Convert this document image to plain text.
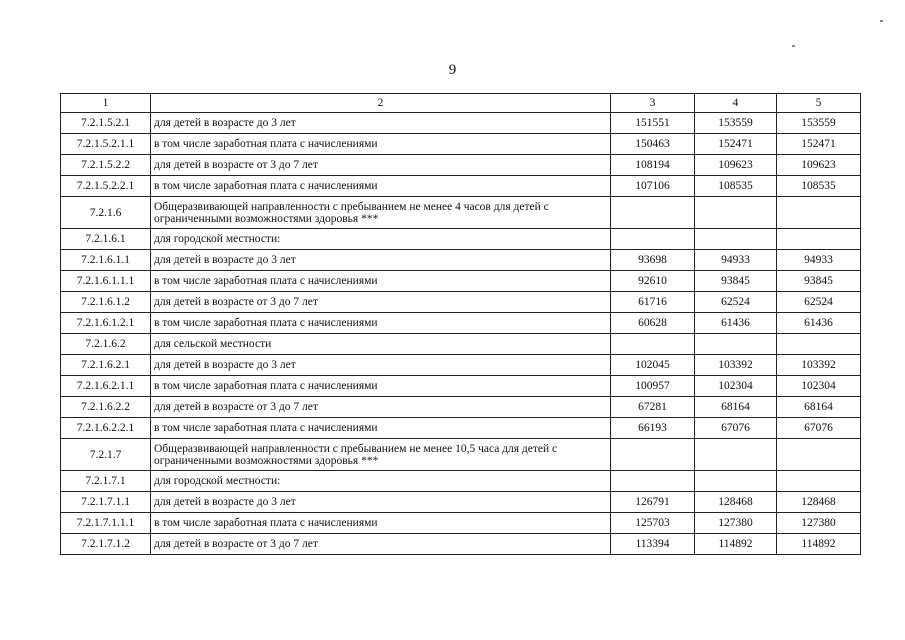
9
1	2	3	4	5
7.2.1.5.2.1	для детей в возрасте до 3 лет	151551	153559	153559
7.2.1.5.2.1.1	в том числе заработная плата с начислениями	150463	152471	152471
7.2.1.5.2.2	для детей в возрасте от 3 до 7 лет	108194	109623	109623
7.2.1.5.2.2.1	в том числе заработная плата с начислениями	107106	108535	108535
7.2.1.6	Общеразвивающей направленности с пребыванием не менее 4 часов для детей с ограниченными возможностями здоровья ***			
7.2.1.6.1	для городской местности:			
7.2.1.6.1.1	для детей в возрасте до 3 лет	93698	94933	94933
7.2.1.6.1.1.1	в том числе заработная плата с начислениями	92610	93845	93845
7.2.1.6.1.2	для детей в возрасте от 3 до 7 лет	61716	62524	62524
7.2.1.6.1.2.1	в том числе заработная плата с начислениями	60628	61436	61436
7.2.1.6.2	для сельской местности			
7.2.1.6.2.1	для детей в возрасте до 3 лет	102045	103392	103392
7.2.1.6.2.1.1	в том числе заработная плата с начислениями	100957	102304	102304
7.2.1.6.2.2	для детей в возрасте от 3 до 7 лет	67281	68164	68164
7.2.1.6.2.2.1	в том числе заработная плата с начислениями	66193	67076	67076
7.2.1.7	Общеразвивающей направленности с пребыванием не менее 10,5 часа для детей с ограниченными возможностями здоровья ***			
7.2.1.7.1	для городской местности:			
7.2.1.7.1.1	для детей в возрасте до 3 лет	126791	128468	128468
7.2.1.7.1.1.1	в том числе заработная плата с начислениями	125703	127380	127380
7.2.1.7.1.2	для детей в возрасте от 3 до 7 лет	113394	114892	114892
